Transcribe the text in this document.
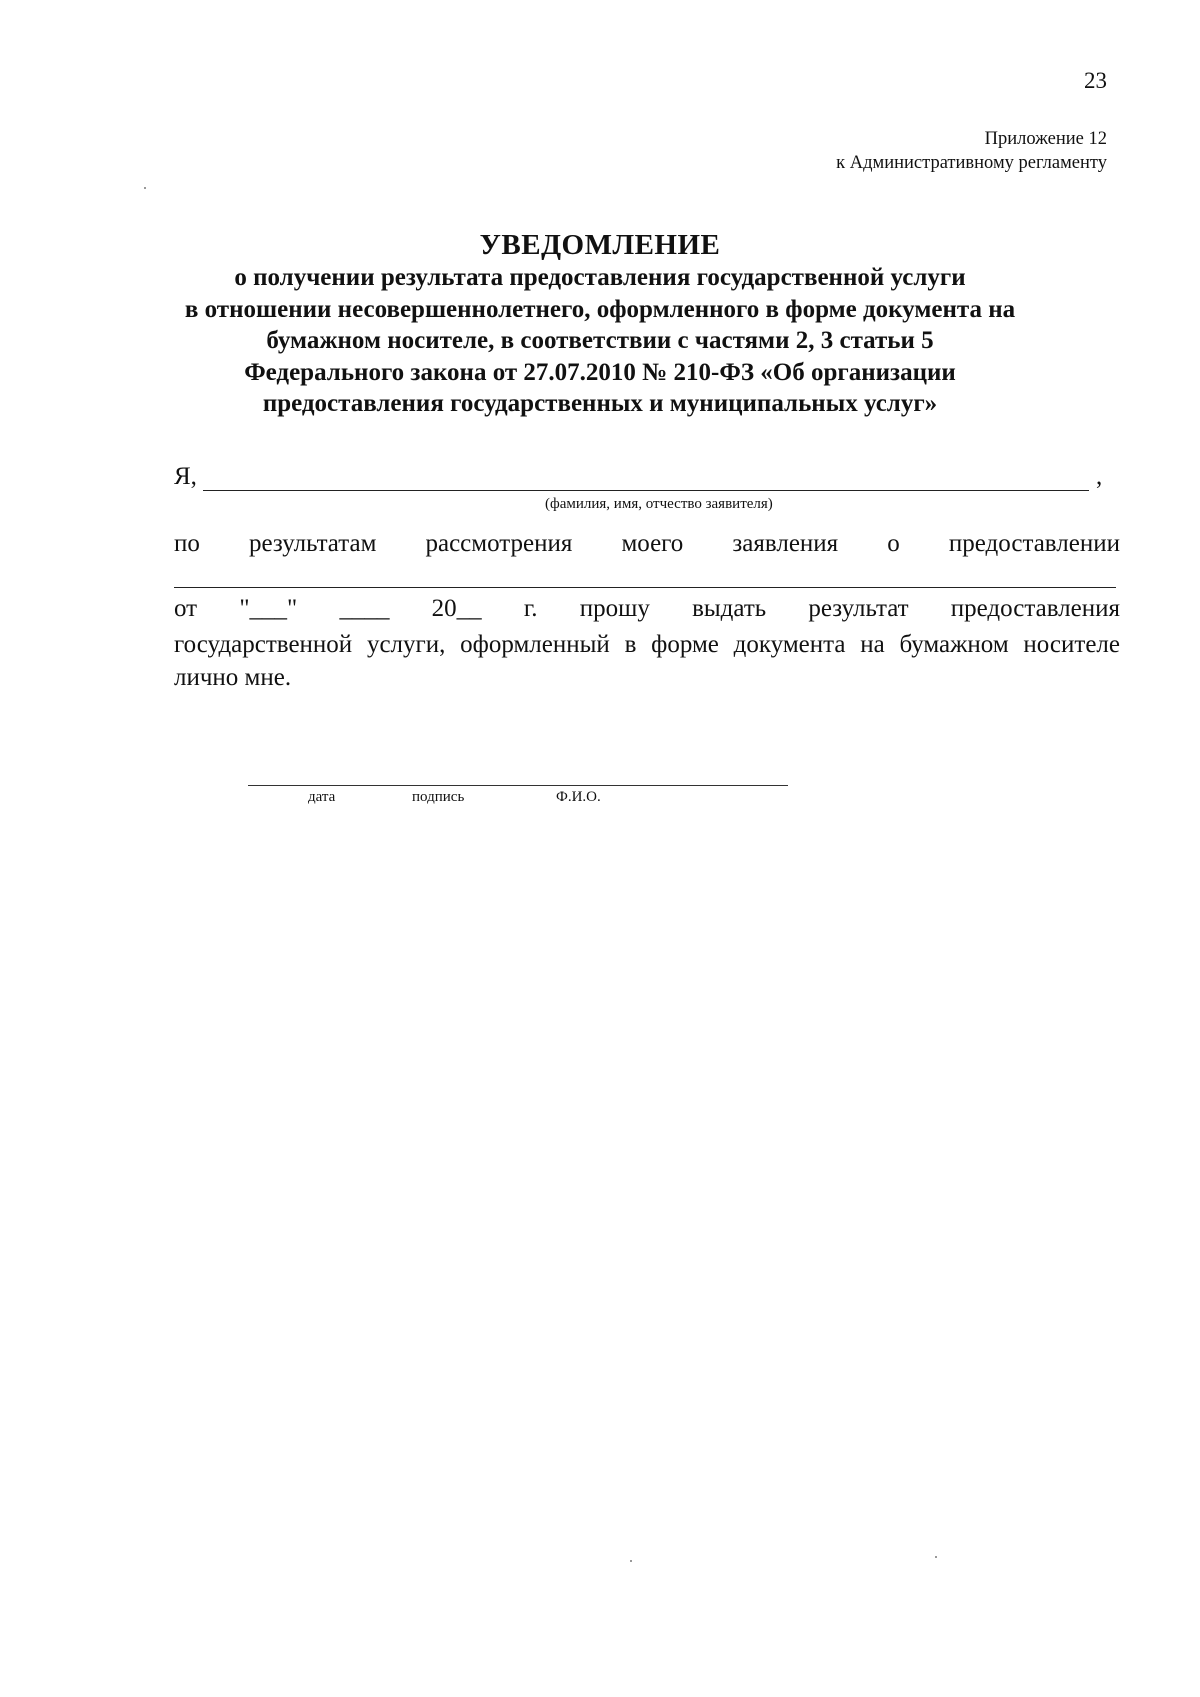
23
Приложение 12
к Административному регламенту
УВЕДОМЛЕНИЕ
о получении результата предоставления государственной услуги
в отношении несовершеннолетнего, оформленного в форме документа на
бумажном носителе, в соответствии с частями 2, 3 статьи 5
Федерального закона от 27.07.2010 № 210-ФЗ «Об организации
предоставления государственных и муниципальных услуг»
Я,	,
(фамилия, имя, отчество заявителя)
по результатам рассмотрения моего заявления о предоставлении
от "___" ____ 20__ г. прошу выдать результат предоставления
государственной услуги, оформленный в форме документа на бумажном носителе лично мне.
дата	подпись	Ф.И.О.
